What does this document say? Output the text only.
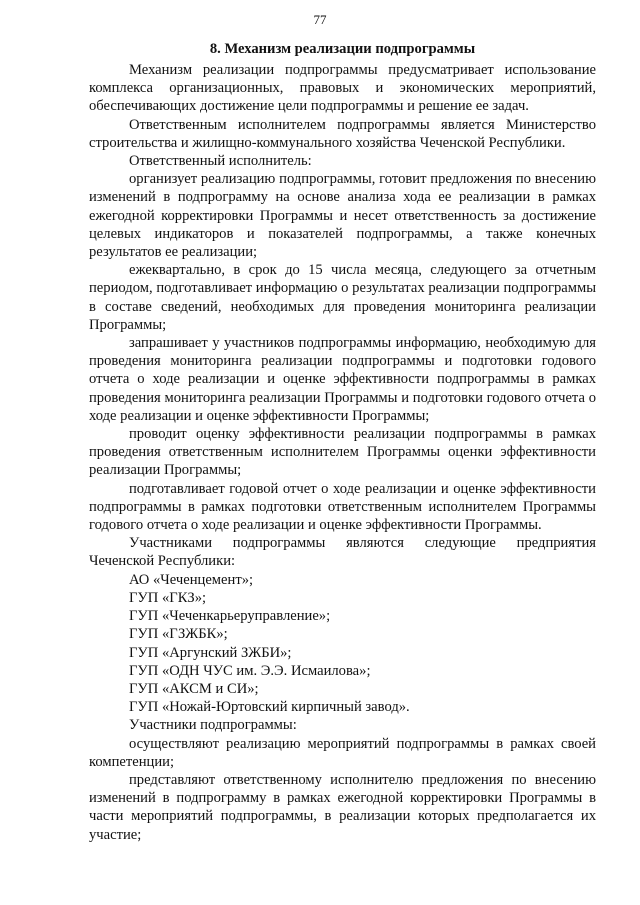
77
8. Механизм реализации подпрограммы
Механизм реализации подпрограммы предусматривает использование комплекса организационных, правовых и экономических мероприятий, обеспечивающих достижение цели подпрограммы и решение ее задач.
Ответственным исполнителем подпрограммы является Министерство строительства и жилищно-коммунального хозяйства Чеченской Республики.
Ответственный исполнитель:
организует реализацию подпрограммы, готовит предложения по внесению изменений в подпрограмму на основе анализа хода ее реализации в рамках ежегодной корректировки Программы и несет ответственность за достижение целевых индикаторов и показателей подпрограммы, а также конечных результатов ее реализации;
ежеквартально, в срок до 15 числа месяца, следующего за отчетным периодом, подготавливает информацию о результатах реализации подпрограммы в составе сведений, необходимых для проведения мониторинга реализации Программы;
запрашивает у участников подпрограммы информацию, необходимую для проведения мониторинга реализации подпрограммы и подготовки годового отчета о ходе реализации и оценке эффективности подпрограммы в рамках проведения мониторинга реализации Программы и подготовки годового отчета о ходе реализации и оценке эффективности Программы;
проводит оценку эффективности реализации подпрограммы в рамках проведения ответственным исполнителем Программы оценки эффективности реализации Программы;
подготавливает годовой отчет о ходе реализации и оценке эффективности подпрограммы в рамках подготовки ответственным исполнителем Программы годового отчета о ходе реализации и оценке эффективности Программы.
Участниками подпрограммы являются следующие предприятия Чеченской Республики:
АО «Чеченцемент»;
ГУП «ГКЗ»;
ГУП «Чеченкарьеруправление»;
ГУП «ГЗЖБК»;
ГУП «Аргунский ЗЖБИ»;
ГУП «ОДН ЧУС им. Э.Э. Исмаилова»;
ГУП «АКСМ и СИ»;
ГУП «Ножай-Юртовский кирпичный завод».
Участники подпрограммы:
осуществляют реализацию мероприятий подпрограммы в рамках своей компетенции;
представляют ответственному исполнителю предложения по внесению изменений в подпрограмму в рамках ежегодной корректировки Программы в части мероприятий подпрограммы, в реализации которых предполагается их участие;
